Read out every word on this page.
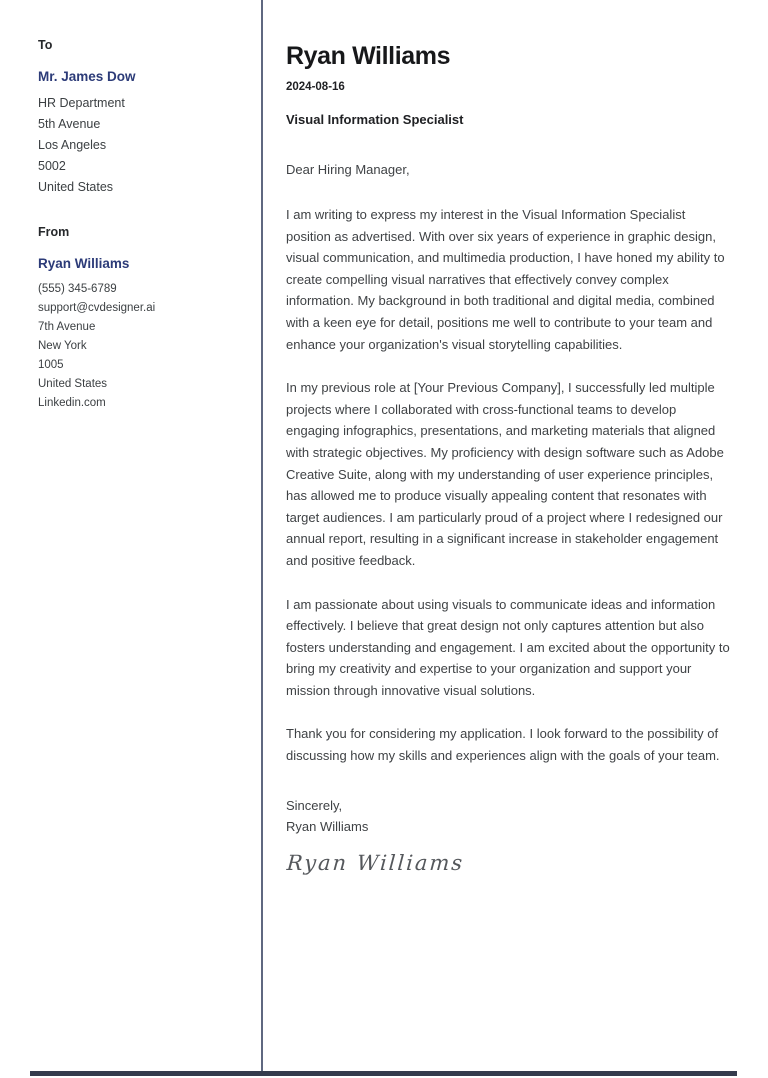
To
Mr. James Dow
HR Department
5th Avenue
Los Angeles
5002
United States
From
Ryan Williams
(555) 345-6789
support@cvdesigner.ai
7th Avenue
New York
1005
United States
Linkedin.com
Ryan Williams
2024-08-16
Visual Information Specialist
Dear Hiring Manager,

I am writing to express my interest in the Visual Information Specialist position as advertised. With over six years of experience in graphic design, visual communication, and multimedia production, I have honed my ability to create compelling visual narratives that effectively convey complex information. My background in both traditional and digital media, combined with a keen eye for detail, positions me well to contribute to your team and enhance your organization's visual storytelling capabilities.

In my previous role at [Your Previous Company], I successfully led multiple projects where I collaborated with cross-functional teams to develop engaging infographics, presentations, and marketing materials that aligned with strategic objectives. My proficiency with design software such as Adobe Creative Suite, along with my understanding of user experience principles, has allowed me to produce visually appealing content that resonates with target audiences. I am particularly proud of a project where I redesigned our annual report, resulting in a significant increase in stakeholder engagement and positive feedback.

I am passionate about using visuals to communicate ideas and information effectively. I believe that great design not only captures attention but also fosters understanding and engagement. I am excited about the opportunity to bring my creativity and expertise to your organization and support your mission through innovative visual solutions.

Thank you for considering my application. I look forward to the possibility of discussing how my skills and experiences align with the goals of your team.

Sincerely,
Ryan Williams
Ryan Williams
